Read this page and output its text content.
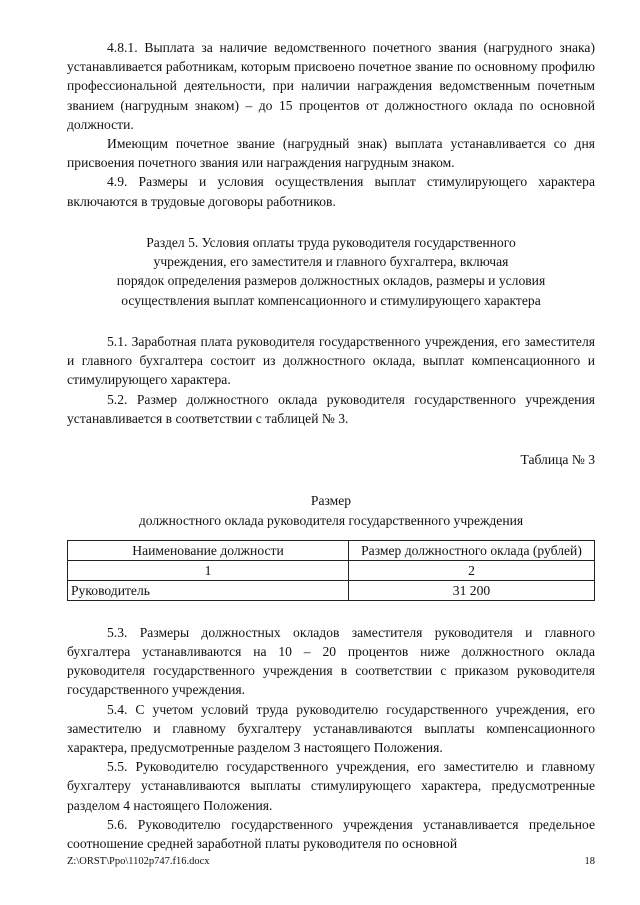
4.8.1. Выплата за наличие ведомственного почетного звания (нагрудного знака) устанавливается работникам, которым присвоено почетное звание по основному профилю профессиональной деятельности, при наличии награждения ведомственным почетным званием (нагрудным знаком) – до 15 процентов от должностного оклада по основной должности.

Имеющим почетное звание (нагрудный знак) выплата устанавливается со дня присвоения почетного звания или награждения нагрудным знаком.

4.9. Размеры и условия осуществления выплат стимулирующего характера включаются в трудовые договоры работников.

Раздел 5. Условия оплаты труда руководителя государственного

учреждения, его заместителя и главного бухгалтера, включая

порядок определения размеров должностных окладов, размеры и условия

осуществления выплат компенсационного и стимулирующего характера

5.1. Заработная плата руководителя государственного учреждения, его заместителя и главного бухгалтера состоит из должностного оклада, выплат компенсационного и стимулирующего характера.

5.2. Размер должностного оклада руководителя государственного учреждения устанавливается в соответствии с таблицей № 3.

Таблица № 3

Размер

должностного оклада руководителя государственного учреждения

Наименование должности	Размер должностного оклада (рублей)
1	2
Руководитель	31 200

5.3. Размеры должностных окладов заместителя руководителя и главного бухгалтера устанавливаются на 10 – 20 процентов ниже должностного оклада руководителя государственного учреждения в соответствии с приказом руководителя государственного учреждения.

5.4. С учетом условий труда руководителю государственного учреждения, его заместителю и главному бухгалтеру устанавливаются выплаты компенсационного характера, предусмотренные разделом 3 настоящего Положения.

5.5. Руководителю государственного учреждения, его заместителю и главному бухгалтеру устанавливаются выплаты стимулирующего характера, предусмотренные разделом 4 настоящего Положения.

5.6. Руководителю государственного учреждения устанавливается предельное соотношение средней заработной платы руководителя по основной

Z:\ORST\Ppo\1102p747.f16.docx	18
